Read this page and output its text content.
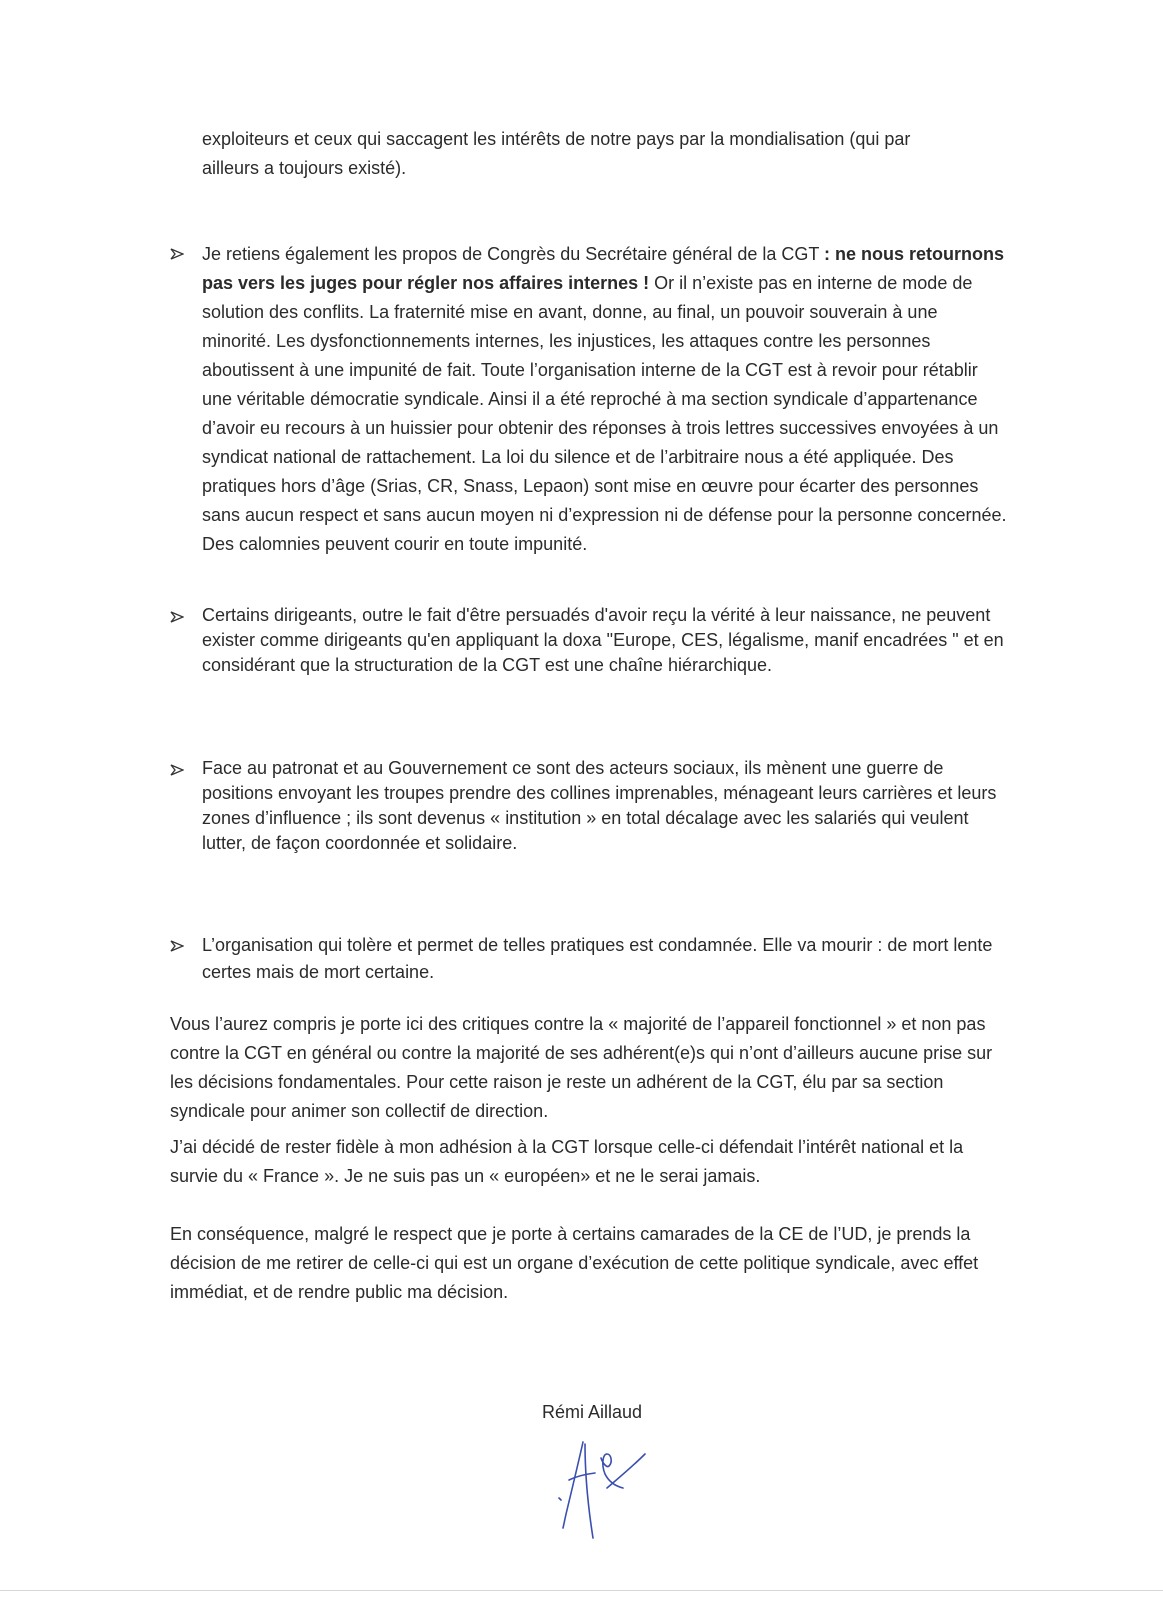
exploiteurs et ceux qui saccagent les intérêts de notre pays par la mondialisation (qui par

ailleurs a toujours existé).

Je retiens également les propos de Congrès du Secrétaire général de la CGT : ne nous retournons pas vers les juges pour régler nos affaires internes ! Or il n’existe pas en interne de mode de solution des conflits. La fraternité mise en avant, donne, au final, un pouvoir souverain à une minorité. Les dysfonctionnements internes, les injustices, les attaques contre les personnes aboutissent à une impunité de fait. Toute l’organisation interne de la CGT est à revoir pour rétablir une véritable démocratie syndicale. Ainsi il a été reproché à ma section syndicale d’appartenance d’avoir eu recours à un huissier pour obtenir des réponses à trois lettres successives envoyées à un syndicat national de rattachement. La loi du silence et de l’arbitraire nous a été appliquée. Des pratiques hors d’âge (Srias, CR, Snass, Lepaon) sont mise en œuvre pour écarter des personnes sans aucun respect et sans aucun moyen ni d’expression ni de défense pour la personne concernée. Des calomnies peuvent courir en toute impunité.

Certains dirigeants, outre le fait d'être persuadés d'avoir reçu la vérité à leur naissance, ne peuvent exister comme dirigeants qu'en appliquant la doxa "Europe, CES, légalisme, manif encadrées " et en considérant que la structuration de la CGT est une chaîne hiérarchique.

Face au patronat et au Gouvernement ce sont des acteurs sociaux, ils mènent une guerre de positions envoyant les troupes prendre des collines imprenables, ménageant leurs carrières et leurs zones d’influence ; ils sont devenus « institution » en total décalage avec les salariés qui veulent lutter, de façon coordonnée et solidaire.

L’organisation qui tolère et permet de telles pratiques est condamnée. Elle va mourir : de mort lente certes mais de mort certaine.

Vous l’aurez compris je porte ici des critiques contre la « majorité de l’appareil fonctionnel » et non pas contre la CGT en général ou contre la majorité de ses adhérent(e)s qui n’ont d’ailleurs aucune prise sur les décisions fondamentales. Pour cette raison je reste un adhérent de la CGT, élu par sa section syndicale pour animer son collectif de direction.

J’ai décidé de rester fidèle à mon adhésion à la CGT lorsque celle-ci défendait l’intérêt national et la survie du « France ». Je ne suis pas un « européen» et ne le serai jamais.

En conséquence, malgré le respect que je porte à certains camarades de la CE de l’UD, je prends la décision de me retirer de celle-ci qui est un organe d’exécution de cette politique syndicale, avec effet immédiat, et de rendre public ma décision.

Rémi Aillaud
